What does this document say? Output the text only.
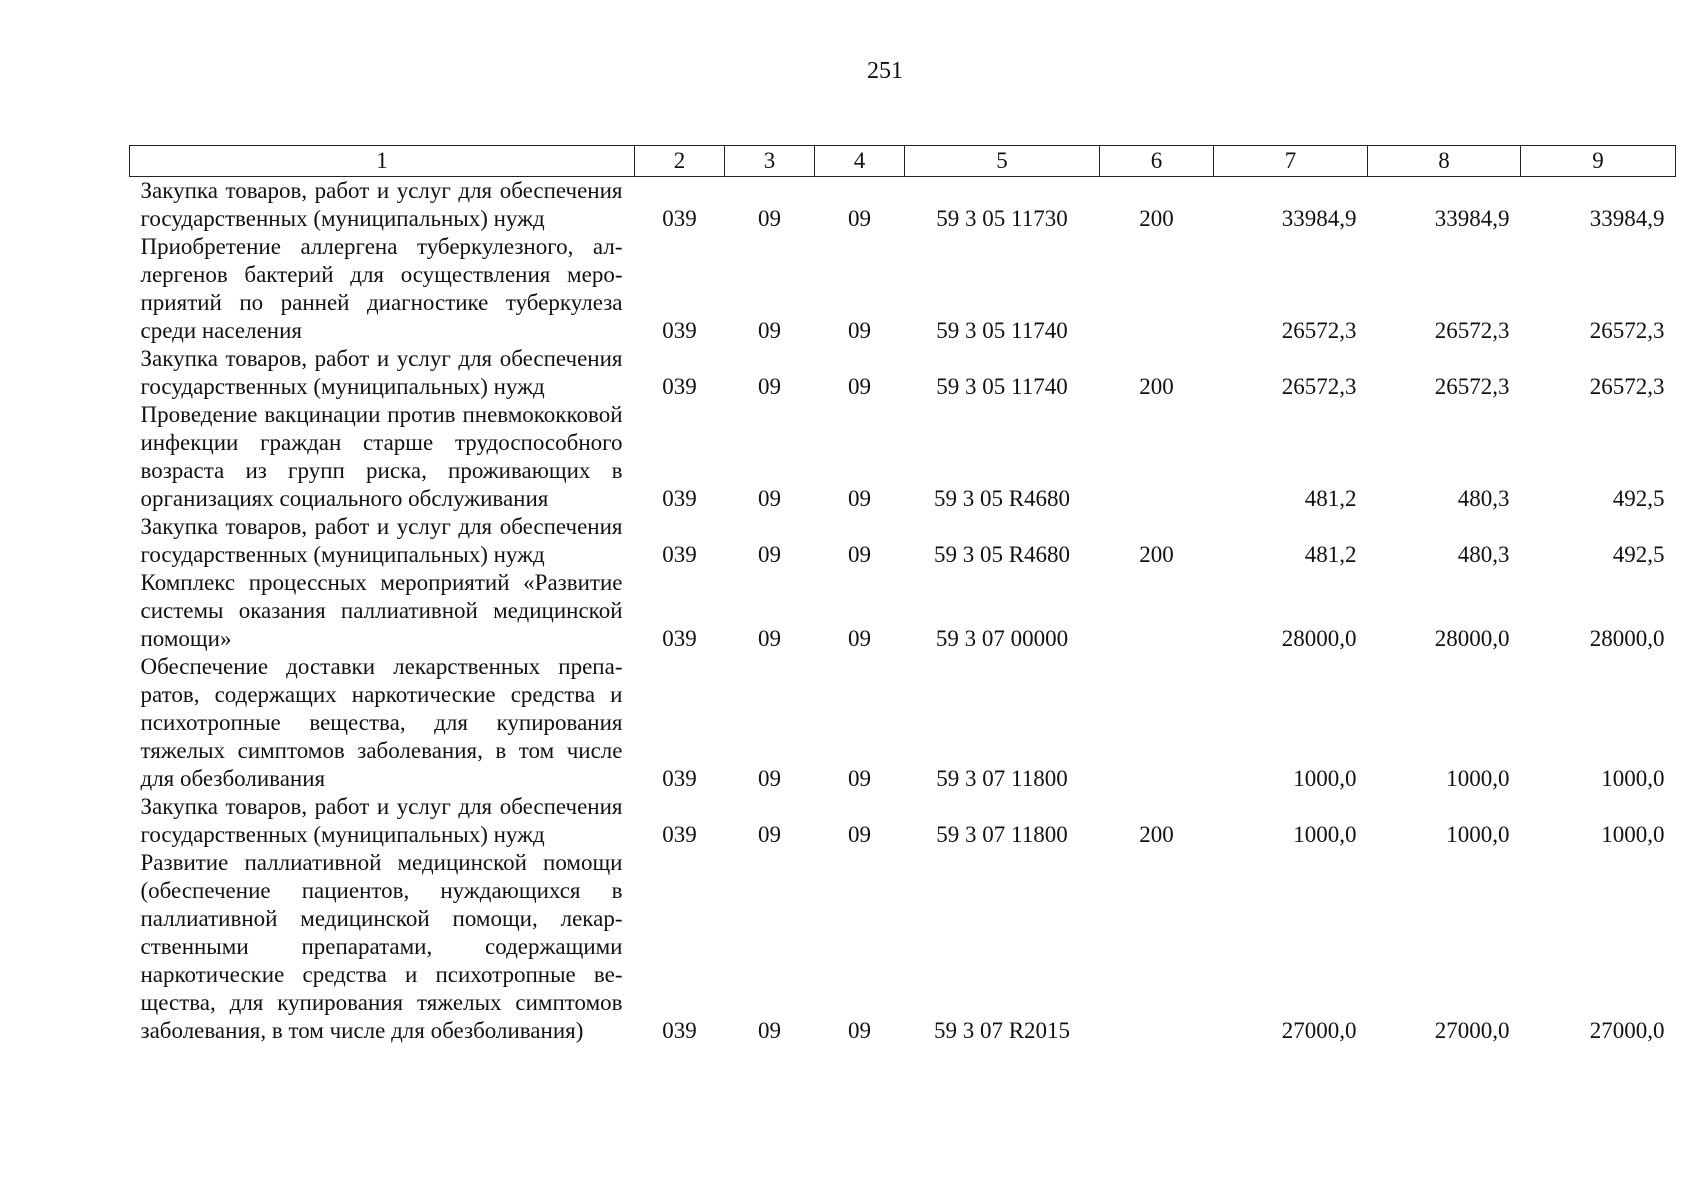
251
1	2	3	4	5	6	7	8	9
Закупка товаров, работ и услуг для обеспечения государственных (муниципальных) нужд	039	09	09	59 3 05 11730	200	33984,9	33984,9	33984,9
Приобретение аллергена туберкулезного, аллергенов бактерий для осуществления мероприятий по ранней диагностике туберкулеза среди населения	039	09	09	59 3 05 11740		26572,3	26572,3	26572,3
Закупка товаров, работ и услуг для обеспечения государственных (муниципальных) нужд	039	09	09	59 3 05 11740	200	26572,3	26572,3	26572,3
Проведение вакцинации против пневмококковой инфекции граждан старше трудоспособного возраста из групп риска, проживающих в организациях социального обслуживания	039	09	09	59 3 05 R4680		481,2	480,3	492,5
Закупка товаров, работ и услуг для обеспечения государственных (муниципальных) нужд	039	09	09	59 3 05 R4680	200	481,2	480,3	492,5
Комплекс процессных мероприятий «Развитие системы оказания паллиативной медицинской помощи»	039	09	09	59 3 07 00000		28000,0	28000,0	28000,0
Обеспечение доставки лекарственных препаратов, содержащих наркотические средства и психотропные вещества, для купирования тяжелых симптомов заболевания, в том числе для обезболивания	039	09	09	59 3 07 11800		1000,0	1000,0	1000,0
Закупка товаров, работ и услуг для обеспечения государственных (муниципальных) нужд	039	09	09	59 3 07 11800	200	1000,0	1000,0	1000,0
Развитие паллиативной медицинской помощи (обеспечение пациентов, нуждающихся в паллиативной медицинской помощи, лекарственными препаратами, содержащими наркотические средства и психотропные вещества, для купирования тяжелых симптомов заболевания, в том числе для обезболивания)	039	09	09	59 3 07 R2015		27000,0	27000,0	27000,0
